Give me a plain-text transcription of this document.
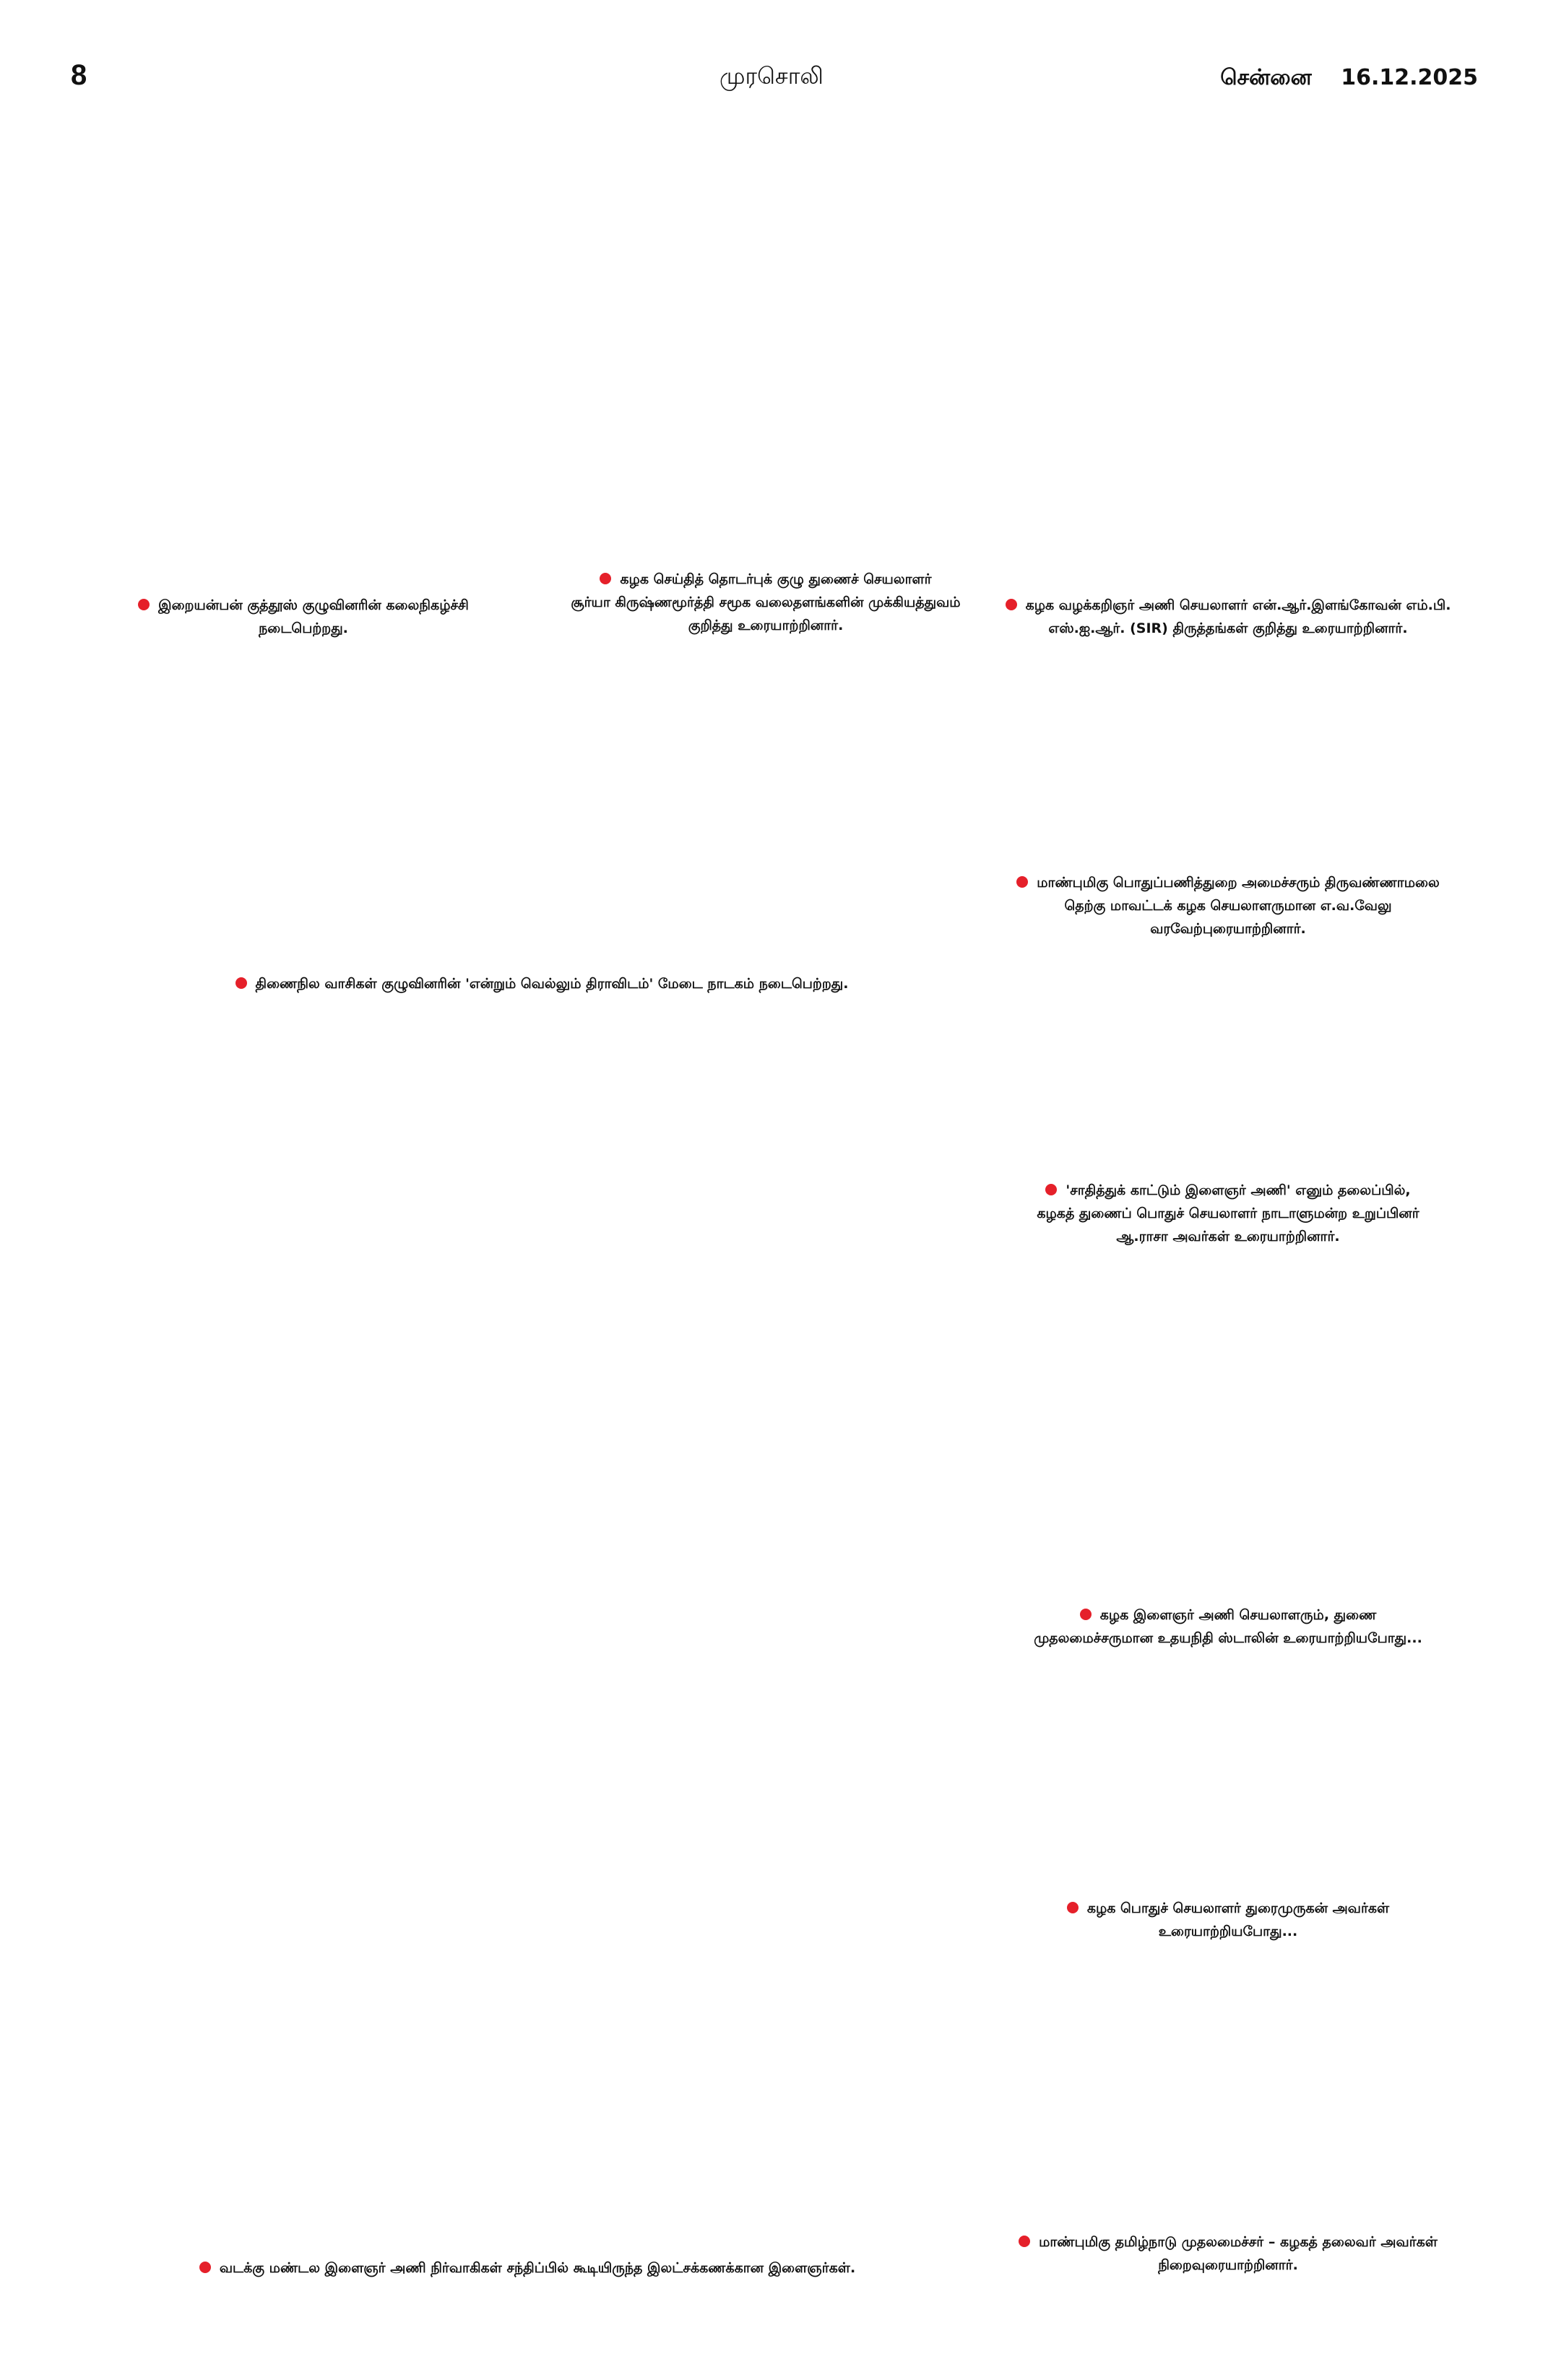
8	முரசொலி	சென்னை 16.12.2025
இறையன்பன் குத்தூஸ் குழுவினரின் கலைநிகழ்ச்சி
நடைபெற்றது.
கழக செய்தித் தொடர்புக் குழு துணைச் செயலாளர்
சூர்யா கிருஷ்ணமூர்த்தி சமூக வலைதளங்களின் முக்கியத்துவம்
குறித்து உரையாற்றினார்.
கழக வழக்கறிஞர் அணி செயலாளர் என்.ஆர்.இளங்கோவன் எம்.பி.
எஸ்.ஐ.ஆர். (SIR) திருத்தங்கள் குறித்து உரையாற்றினார்.
மாண்புமிகு பொதுப்பணித்துறை அமைச்சரும் திருவண்ணாமலை
தெற்கு மாவட்டக் கழக செயலாளருமான எ.வ.வேலு
வரவேற்புரையாற்றினார்.
திணைநில வாசிகள் குழுவினரின் 'என்றும் வெல்லும் திராவிடம்' மேடை நாடகம் நடைபெற்றது.
'சாதித்துக் காட்டும் இளைஞர் அணி' எனும் தலைப்பில்,
கழகத் துணைப் பொதுச் செயலாளர் நாடாளுமன்ற உறுப்பினர்
ஆ.ராசா அவர்கள் உரையாற்றினார்.
கழக இளைஞர் அணி செயலாளரும், துணை
முதலமைச்சருமான உதயநிதி ஸ்டாலின் உரையாற்றியபோது...
கழக பொதுச் செயலாளர் துரைமுருகன் அவர்கள்
உரையாற்றியபோது...
வடக்கு மண்டல இளைஞர் அணி நிர்வாகிகள் சந்திப்பில் கூடியிருந்த இலட்சக்கணக்கான இளைஞர்கள்.
மாண்புமிகு தமிழ்நாடு முதலமைச்சர் – கழகத் தலைவர் அவர்கள்
நிறைவுரையாற்றினார்.
